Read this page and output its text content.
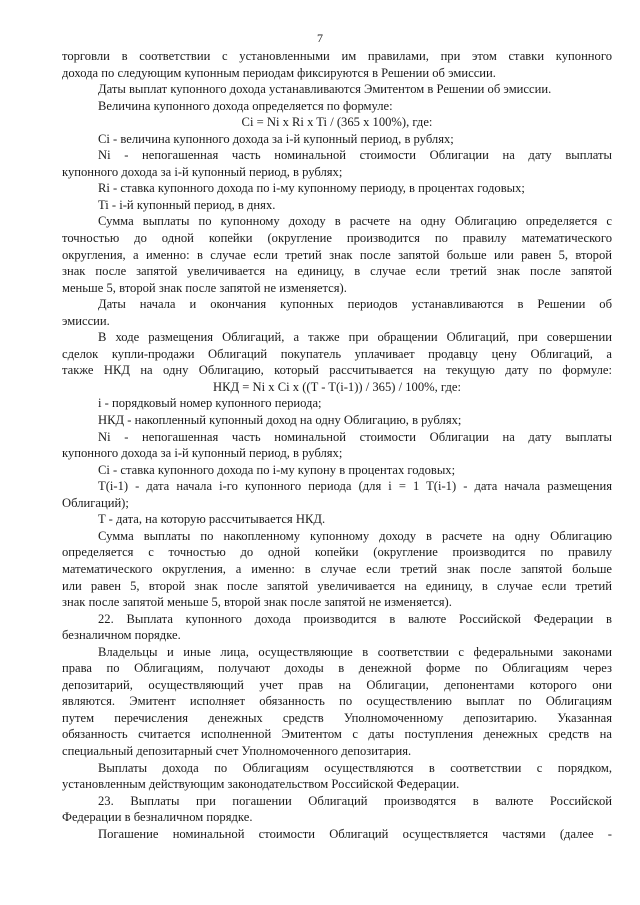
7
торговли в соответствии с установленными им правилами, при этом ставки купонного
дохода по следующим купонным периодам фиксируются в Решении об эмиссии.
Даты выплат купонного дохода устанавливаются Эмитентом в Решении об эмиссии.
Величина купонного дохода определяется по формуле:
Ci = Ni x Ri x Ti / (365 x 100%), где:
Ci - величина купонного дохода за i-й купонный период, в рублях;
Ni - непогашенная часть номинальной стоимости Облигации на дату выплаты
купонного дохода за i-й купонный период, в рублях;
Ri - ставка купонного дохода по i-му купонному периоду, в процентах годовых;
Ti - i-й купонный период, в днях.
Сумма выплаты по купонному доходу в расчете на одну Облигацию определяется с
точностью до одной копейки (округление производится по правилу математического
округления, а именно: в случае если третий знак после запятой больше или равен 5, второй
знак после запятой увеличивается на единицу, в случае если третий знак после запятой
меньше 5, второй знак после запятой не изменяется).
Даты начала и окончания купонных периодов устанавливаются в Решении об
эмиссии.
В ходе размещения Облигаций, а также при обращении Облигаций, при совершении
сделок купли-продажи Облигаций покупатель уплачивает продавцу цену Облигаций, а
также НКД на одну Облигацию, который рассчитывается на текущую дату по формуле:
НКД = Ni x Ci x ((T - T(i-1)) / 365) / 100%, где:
i - порядковый номер купонного периода;
НКД - накопленный купонный доход на одну Облигацию, в рублях;
Ni - непогашенная часть номинальной стоимости Облигации на дату выплаты
купонного дохода за i-й купонный период, в рублях;
Ci - ставка купонного дохода по i-му купону в процентах годовых;
T(i-1) - дата начала i-го купонного периода (для i = 1 T(i-1) - дата начала размещения
Облигаций);
T - дата, на которую рассчитывается НКД.
Сумма выплаты по накопленному купонному доходу в расчете на одну Облигацию
определяется с точностью до одной копейки (округление производится по правилу
математического округления, а именно: в случае если третий знак после запятой больше
или равен 5, второй знак после запятой увеличивается на единицу, в случае если третий
знак после запятой меньше 5, второй знак после запятой не изменяется).
22. Выплата купонного дохода производится в валюте Российской Федерации в
безналичном порядке.
Владельцы и иные лица, осуществляющие в соответствии с федеральными законами
права по Облигациям, получают доходы в денежной форме по Облигациям через
депозитарий, осуществляющий учет прав на Облигации, депонентами которого они
являются. Эмитент исполняет обязанность по осуществлению выплат по Облигациям
путем перечисления денежных средств Уполномоченному депозитарию. Указанная
обязанность считается исполненной Эмитентом с даты поступления денежных средств на
специальный депозитарный счет Уполномоченного депозитария.
Выплаты дохода по Облигациям осуществляются в соответствии с порядком,
установленным действующим законодательством Российской Федерации.
23. Выплаты при погашении Облигаций производятся в валюте Российской
Федерации в безналичном порядке.
Погашение номинальной стоимости Облигаций осуществляется частями (далее -
